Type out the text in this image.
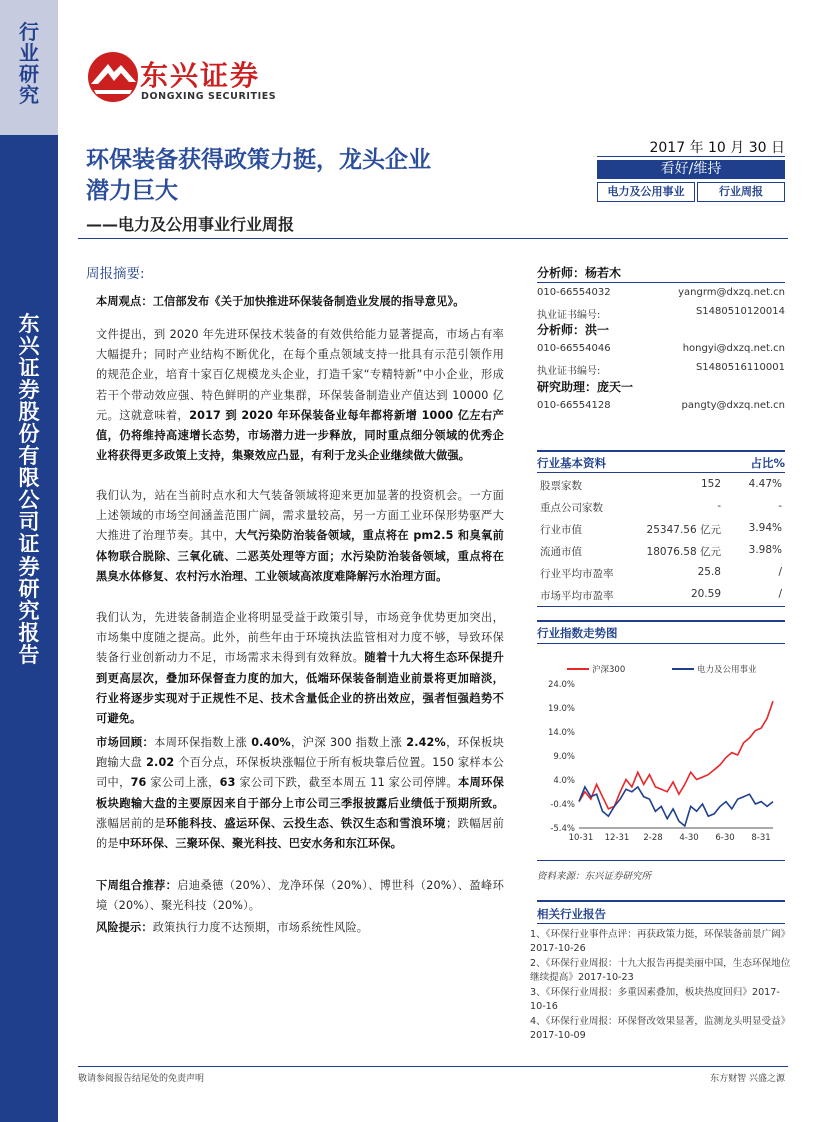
行
业
研
究
东
兴
证
券
股
份
有
限
公
司
证
券
研
究
报
告
东兴证券
DONGXING SECURITIES
环保装备获得政策力挺，龙头企业
潜力巨大
——电力及公用事业行业周报
2017 年 10 月 30 日
看好/维持
电力及公用事业	行业周报
周报摘要:
本周观点：工信部发布《关于加快推进环保装备制造业发展的指导意见》。
文件提出，到 2020 年先进环保技术装备的有效供给能力显著提高，市场占有率大幅提升；同时产业结构不断优化，在每个重点领域支持一批具有示范引领作用的规范企业，培育十家百亿规模龙头企业，打造千家“专精特新”中小企业，形成若干个带动效应强、特色鲜明的产业集群，环保装备制造业产值达到 10000 亿元。这就意味着，2017 到 2020 年环保装备业每年都将新增 1000 亿左右产值，仍将维持高速增长态势，市场潜力进一步释放，同时重点细分领域的优秀企业将获得更多政策上支持，集聚效应凸显，有利于龙头企业继续做大做强。
我们认为，站在当前时点水和大气装备领域将迎来更加显著的投资机会。一方面上述领域的市场空间涵盖范围广阔，需求量较高，另一方面工业环保形势驱严大大推进了治理节奏。其中，大气污染防治装备领域，重点将在 pm2.5 和臭氧前体物联合脱除、三氧化硫、二恶英处理等方面；水污染防治装备领域，重点将在黑臭水体修复、农村污水治理、工业领域高浓度难降解污水治理方面。
我们认为，先进装备制造企业将明显受益于政策引导，市场竞争优势更加突出，市场集中度随之提高。此外，前些年由于环境执法监管相对力度不够，导致环保装备行业创新动力不足，市场需求未得到有效释放。随着十九大将生态环保提升到更高层次，叠加环保督查力度的加大，低端环保装备制造业前景将更加暗淡，行业将逐步实现对于正规性不足、技术含量低企业的挤出效应，强者恒强趋势不可避免。
市场回顾：本周环保指数上涨 0.40%，沪深 300 指数上涨 2.42%，环保板块跑输大盘 2.02 个百分点，环保板块涨幅位于所有板块靠后位置。150 家样本公司中，76 家公司上涨，63 家公司下跌，截至本周五 11 家公司停牌。本周环保板块跑输大盘的主要原因来自于部分上市公司三季报披露后业绩低于预期所致。涨幅居前的是环能科技、盛运环保、云投生态、铁汉生态和雪浪环境；跌幅居前的是中环环保、三聚环保、聚光科技、巴安水务和东江环保。
下周组合推荐：启迪桑德（20%）、龙净环保（20%）、博世科（20%）、盈峰环境（20%）、聚光科技（20%）。
风险提示：政策执行力度不达预期，市场系统性风险。
分析师：杨若木
010-66554032	yangrm@dxzq.net.cn
执业证书编号:	S1480510120014
分析师：洪一
010-66554046	hongyi@dxzq.net.cn
执业证书编号:	S1480516110001
研究助理：庞天一
010-66554128	pangty@dxzq.net.cn
行业基本资料	占比%
股票家数	152	4.47%
重点公司家数	-	-
行业市值	25347.56 亿元	3.94%
流通市值	18076.58 亿元	3.98%
行业平均市盈率	25.8	/
市场平均市盈率	20.59	/
行业指数走势图
24.0%
19.0%
14.0%
9.0%
4.0%
-0.4%
-5.4%
10-31 12-31 2-28 4-30 6-30 8-31
沪深300	电力及公用事业
资料来源：东兴证券研究所
相关行业报告
1、《环保行业事件点评：再获政策力挺，环保装备前景广阔》2017-10-26
2、《环保行业周报：十九大报告再提美丽中国，生态环保地位继续提高》2017-10-23
3、《环保行业周报：多重因素叠加，板块热度回归》2017-10-16
4、《环保行业周报：环保督改效果显著，监测龙头明显受益》2017-10-09
敬请参阅报告结尾处的免责声明	东方财智 兴盛之源
